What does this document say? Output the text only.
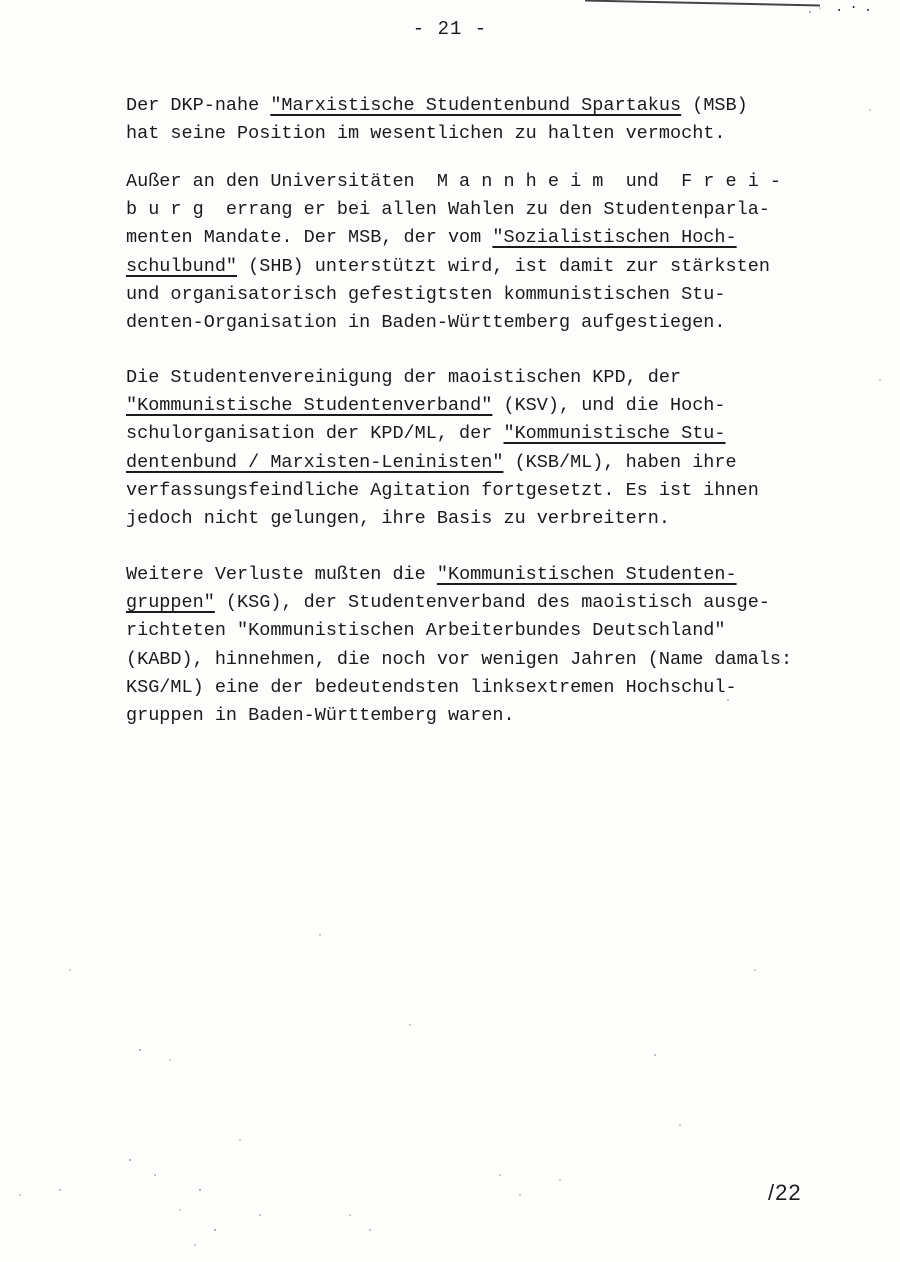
.·.
- 21 -

Der DKP-nahe "Marxistische Studentenbund Spartakus (MSB)
hat seine Position im wesentlichen zu halten vermocht.

Außer an den Universitäten  M a n n h e i m  und  F r e i -
b u r g  errang er bei allen Wahlen zu den Studentenparla-
menten Mandate. Der MSB, der vom "Sozialistischen Hoch-
schulbund" (SHB) unterstützt wird, ist damit zur stärksten
und organisatorisch gefestigtsten kommunistischen Stu-
denten-Organisation in Baden-Württemberg aufgestiegen.

Die Studentenvereinigung der maoistischen KPD, der
"Kommunistische Studentenverband" (KSV), und die Hoch-
schulorganisation der KPD/ML, der "Kommunistische Stu-
dentenbund / Marxisten-Leninisten" (KSB/ML), haben ihre
verfassungsfeindliche Agitation fortgesetzt. Es ist ihnen
jedoch nicht gelungen, ihre Basis zu verbreitern.

Weitere Verluste mußten die "Kommunistischen Studenten-
gruppen" (KSG), der Studentenverband des maoistisch ausge-
richteten "Kommunistischen Arbeiterbundes Deutschland"
(KABD), hinnehmen, die noch vor wenigen Jahren (Name damals:
KSG/ML) eine der bedeutendsten linksextremen Hochschul-
gruppen in Baden-Württemberg waren.

/22
